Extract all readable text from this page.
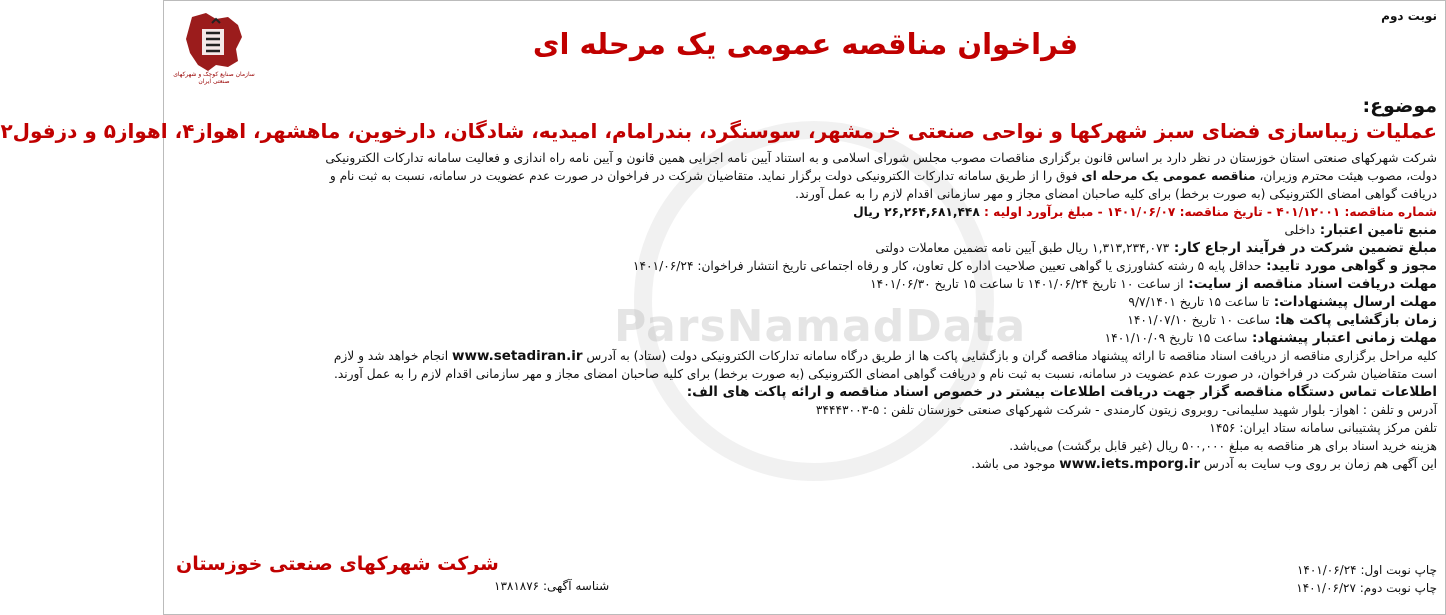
ParsNamadData
نوبت دوم
سازمان صنایع کوچک و شهرکهای صنعتی ایران
فراخوان مناقصه عمومی یک مرحله ای
موضوع:
عملیات زیباسازی فضای سبز شهرکها و نواحی صنعتی خرمشهر، سوسنگرد، بندرامام، امیدیه، شادگان، دارخوین، ماهشهر، اهواز۴، اهواز۵ و دزفول۲
شرکت شهرکهای صنعتی استان خوزستان در نظر دارد بر اساس قانون برگزاری مناقصات مصوب مجلس شورای اسلامی و به استناد آیین نامه اجرایی همین قانون و آیین نامه راه اندازی و فعالیت سامانه تدارکات الکترونیکی
دولت، مصوب هیئت محترم وزیران، مناقصه عمومی یک مرحله ای فوق را از طریق سامانه تدارکات الکترونیکی دولت برگزار نماید. متقاضیان شرکت در فراخوان در صورت عدم عضویت در سامانه، نسبت به ثبت نام و
دریافت گواهی امضای الکترونیکی (به صورت برخط) برای کلیه صاحبان امضای مجاز و مهر سازمانی اقدام لازم را به عمل آورند.
شماره مناقصه: ۴۰۱/۱۲۰۰۱ - تاریخ مناقصه: ۱۴۰۱/۰۶/۰۷ - مبلغ برآورد اولیه : ۲۶,۲۶۴,۶۸۱,۴۴۸ ریال
منبع تامین اعتبار: داخلی
مبلغ تضمین شرکت در فرآیند ارجاع کار: ۱,۳۱۳,۲۳۴,۰۷۳ ریال طبق آیین نامه تضمین معاملات دولتی
مجوز و گواهی مورد تایید: حداقل پایه ۵ رشته کشاورزی یا گواهی تعیین صلاحیت اداره کل تعاون، کار و رفاه اجتماعی تاریخ انتشار فراخوان: ۱۴۰۱/۰۶/۲۴
مهلت دریافت اسناد مناقصه از سایت: از ساعت ۱۰ تاریخ ۱۴۰۱/۰۶/۲۴ تا ساعت ۱۵ تاریخ ۱۴۰۱/۰۶/۳۰
مهلت ارسال پیشنهادات: تا ساعت ۱۵ تاریخ ۹/۷/۱۴۰۱
زمان بازگشایی پاکت ها: ساعت ۱۰ تاریخ ۱۴۰۱/۰۷/۱۰
مهلت زمانی اعتبار پیشنهاد: ساعت ۱۵ تاریخ ۱۴۰۱/۱۰/۰۹
کلیه مراحل برگزاری مناقصه از دریافت اسناد مناقصه تا ارائه پیشنهاد مناقصه گران و بازگشایی پاکت ها از طریق درگاه سامانه تدارکات الکترونیکی دولت (ستاد) به آدرس www.setadiran.ir انجام خواهد شد و لازم
است متقاضیان شرکت در فراخوان، در صورت عدم عضویت در سامانه، نسبت به ثبت نام و دریافت گواهی امضای الکترونیکی (به صورت برخط) برای کلیه صاحبان امضای مجاز و مهر سازمانی اقدام لازم را به عمل آورند.
اطلاعات تماس دستگاه مناقصه گزار جهت دریافت اطلاعات بیشتر در خصوص اسناد مناقصه و ارائه پاکت های الف:
آدرس و تلفن : اهواز- بلوار شهید سلیمانی- روبروی زیتون کارمندی - شرکت شهرکهای صنعتی خوزستان تلفن : ۵-۳۴۴۴۳۰۰۳
تلفن مرکز پشتیبانی سامانه ستاد ایران: ۱۴۵۶
هزینه خرید اسناد برای هر مناقصه به مبلغ ۵۰۰,۰۰۰ ریال (غیر قابل برگشت) می‌باشد.
این آگهی هم زمان بر روی وب سایت به آدرس www.iets.mporg.ir موجود می باشد.
شرکت شهرکهای صنعتی خوزستان
شناسه آگهی: ۱۳۸۱۸۷۶
چاپ نوبت اول: ۱۴۰۱/۰۶/۲۴
چاپ نوبت دوم: ۱۴۰۱/۰۶/۲۷
